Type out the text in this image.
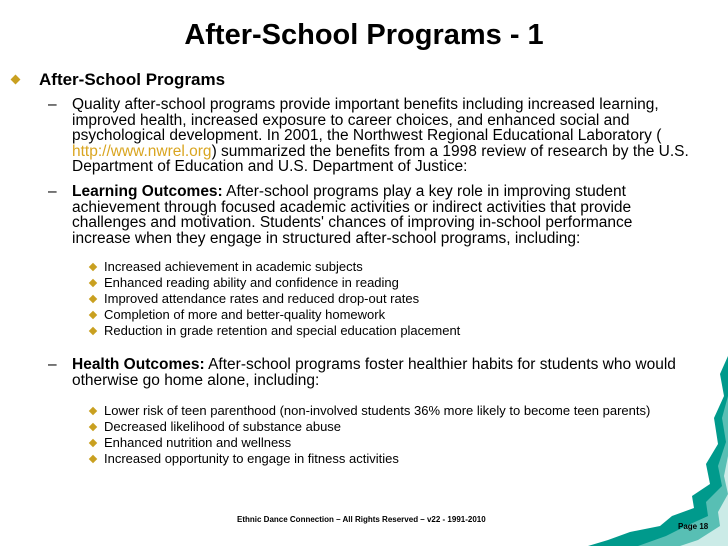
After-School Programs - 1
After-School Programs
– Quality after-school programs provide important benefits including increased learning,
improved health, increased exposure to career choices, and enhanced social and
psychological development. In 2001, the Northwest Regional Educational Laboratory (
http://www.nwrel.org) summarized the benefits from a 1998 review of research by the U.S.
Department of Education and U.S. Department of Justice:
– Learning Outcomes: After-school programs play a key role in improving student
achievement through focused academic activities or indirect activities that provide
challenges and motivation. Students' chances of improving in-school performance
increase when they engage in structured after-school programs, including:
Increased achievement in academic subjects
Enhanced reading ability and confidence in reading
Improved attendance rates and reduced drop-out rates
Completion of more and better-quality homework
Reduction in grade retention and special education placement
– Health Outcomes: After-school programs foster healthier habits for students who would
otherwise go home alone, including:
Lower risk of teen parenthood (non-involved students 36% more likely to become teen parents)
Decreased likelihood of substance abuse
Enhanced nutrition and wellness
Increased opportunity to engage in fitness activities
Ethnic Dance Connection – All Rights Reserved – v22 - 1991-2010
Page 18
